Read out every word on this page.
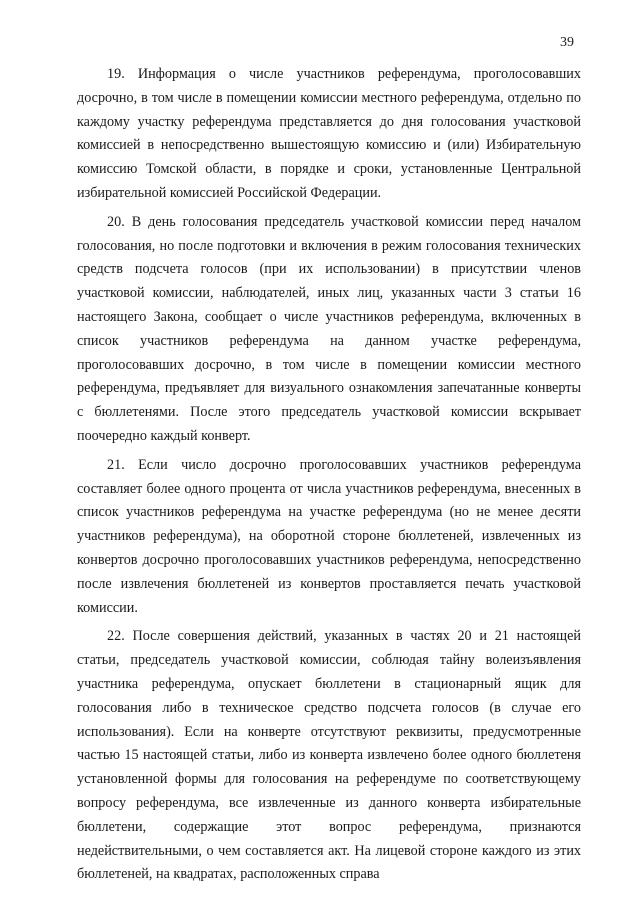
39

19. Информация о числе участников референдума, проголосовавших досрочно, в том числе в помещении комиссии местного референдума, отдельно по каждому участку референдума представляется до дня голосования участковой комиссией в непосредственно вышестоящую комиссию и (или) Избирательную комиссию Томской области, в порядке и сроки, установленные Центральной избирательной комиссией Российской Федерации.

20. В день голосования председатель участковой комиссии перед началом голосования, но после подготовки и включения в режим голосования технических средств подсчета голосов (при их использовании) в присутствии членов участковой комиссии, наблюдателей, иных лиц, указанных части 3 статьи 16 настоящего Закона, сообщает о числе участников референдума, включенных в список участников референдума на данном участке референдума, проголосовавших досрочно, в том числе в помещении комиссии местного референдума, предъявляет для визуального ознакомления запечатанные конверты с бюллетенями. После этого председатель участковой комиссии вскрывает поочередно каждый конверт.

21. Если число досрочно проголосовавших участников референдума составляет более одного процента от числа участников референдума, внесенных в список участников референдума на участке референдума (но не менее десяти участников референдума), на оборотной стороне бюллетеней, извлеченных из конвертов досрочно проголосовавших участников референдума, непосредственно после извлечения бюллетеней из конвертов проставляется печать участковой комиссии.

22. После совершения действий, указанных в частях 20 и 21 настоящей статьи, председатель участковой комиссии, соблюдая тайну волеизъявления участника референдума, опускает бюллетени в стационарный ящик для голосования либо в техническое средство подсчета голосов (в случае его использования). Если на конверте отсутствуют реквизиты, предусмотренные частью 15 настоящей статьи, либо из конверта извлечено более одного бюллетеня установленной формы для голосования на референдуме по соответствующему вопросу референдума, все извлеченные из данного конверта избирательные бюллетени, содержащие этот вопрос референдума, признаются недействительными, о чем составляется акт. На лицевой стороне каждого из этих бюллетеней, на квадратах, расположенных справа
